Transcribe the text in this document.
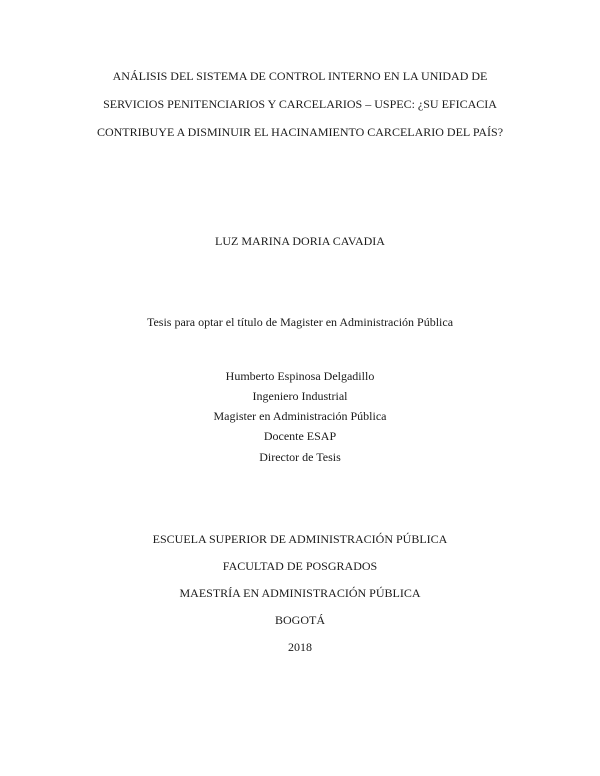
ANÁLISIS DEL SISTEMA DE CONTROL INTERNO EN LA UNIDAD DE
SERVICIOS PENITENCIARIOS Y CARCELARIOS – USPEC: ¿SU EFICACIA
CONTRIBUYE A DISMINUIR EL HACINAMIENTO CARCELARIO DEL PAÍS?
LUZ MARINA DORIA CAVADIA
Tesis para optar el título de Magister en Administración Pública
Humberto Espinosa Delgadillo
Ingeniero Industrial
Magister en Administración Pública
Docente ESAP
Director de Tesis
ESCUELA SUPERIOR DE ADMINISTRACIÓN PÚBLICA
FACULTAD DE POSGRADOS
MAESTRÍA EN ADMINISTRACIÓN PÚBLICA
BOGOTÁ
2018
